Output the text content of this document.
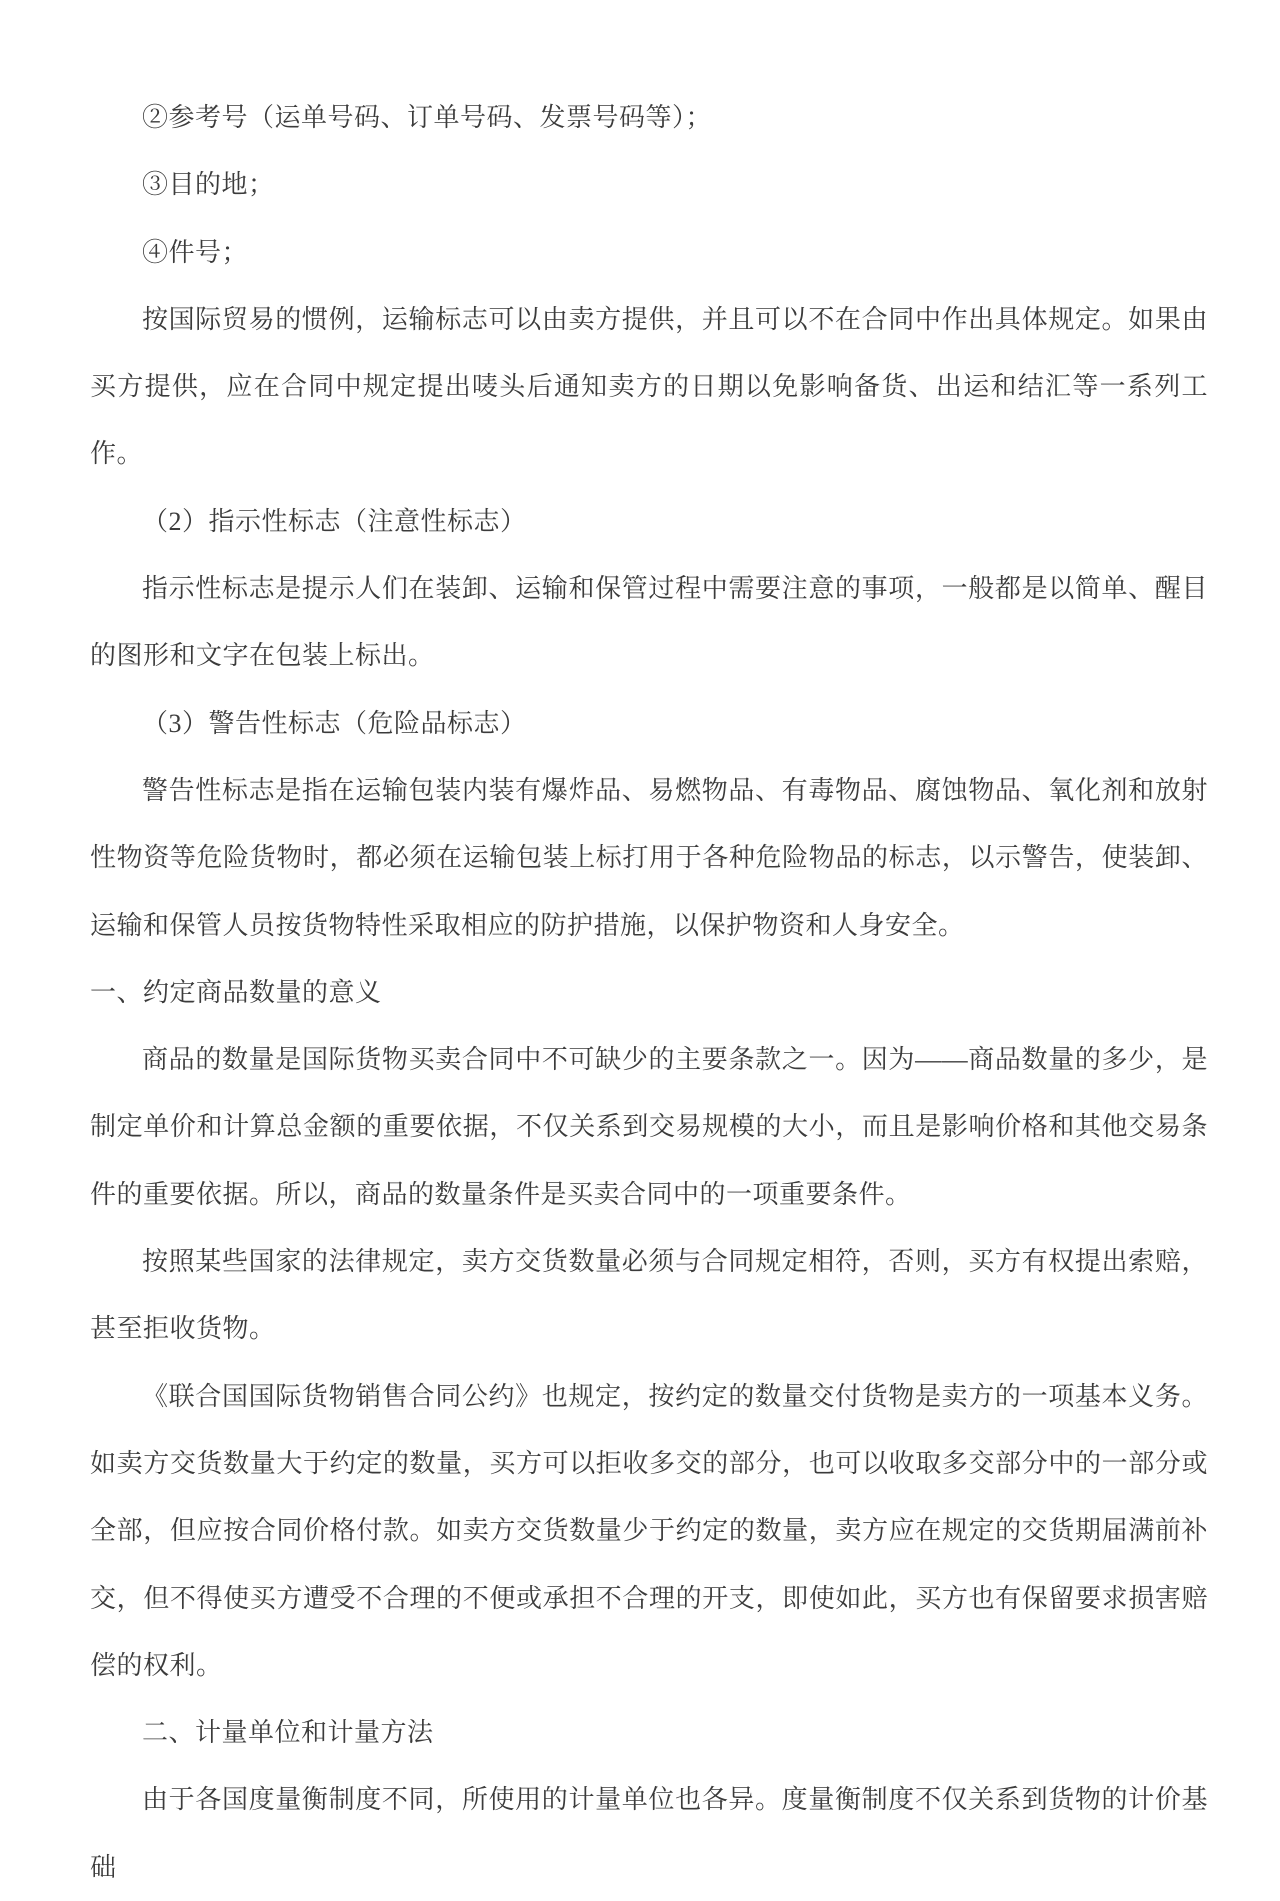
②参考号（运单号码、订单号码、发票号码等）；

③目的地；

④件号；

按国际贸易的惯例，运输标志可以由卖方提供，并且可以不在合同中作出具体规定。如果由买方提供，应在合同中规定提出唛头后通知卖方的日期以免影响备货、出运和结汇等一系列工作。

（2）指示性标志（注意性标志）

指示性标志是提示人们在装卸、运输和保管过程中需要注意的事项，一般都是以简单、醒目的图形和文字在包装上标出。

（3）警告性标志（危险品标志）

警告性标志是指在运输包装内装有爆炸品、易燃物品、有毒物品、腐蚀物品、氧化剂和放射性物资等危险货物时，都必须在运输包装上标打用于各种危险物品的标志，以示警告，使装卸、运输和保管人员按货物特性采取相应的防护措施，以保护物资和人身安全。

一、约定商品数量的意义

商品的数量是国际货物买卖合同中不可缺少的主要条款之一。因为——商品数量的多少，是制定单价和计算总金额的重要依据，不仅关系到交易规模的大小，而且是影响价格和其他交易条件的重要依据。所以，商品的数量条件是买卖合同中的一项重要条件。

按照某些国家的法律规定，卖方交货数量必须与合同规定相符，否则，买方有权提出索赔，甚至拒收货物。

《联合国国际货物销售合同公约》也规定，按约定的数量交付货物是卖方的一项基本义务。如卖方交货数量大于约定的数量，买方可以拒收多交的部分，也可以收取多交部分中的一部分或全部，但应按合同价格付款。如卖方交货数量少于约定的数量，卖方应在规定的交货期届满前补交，但不得使买方遭受不合理的不便或承担不合理的开支，即使如此，买方也有保留要求损害赔偿的权利。

二、计量单位和计量方法

由于各国度量衡制度不同，所使用的计量单位也各异。度量衡制度不仅关系到货物的计价基础
